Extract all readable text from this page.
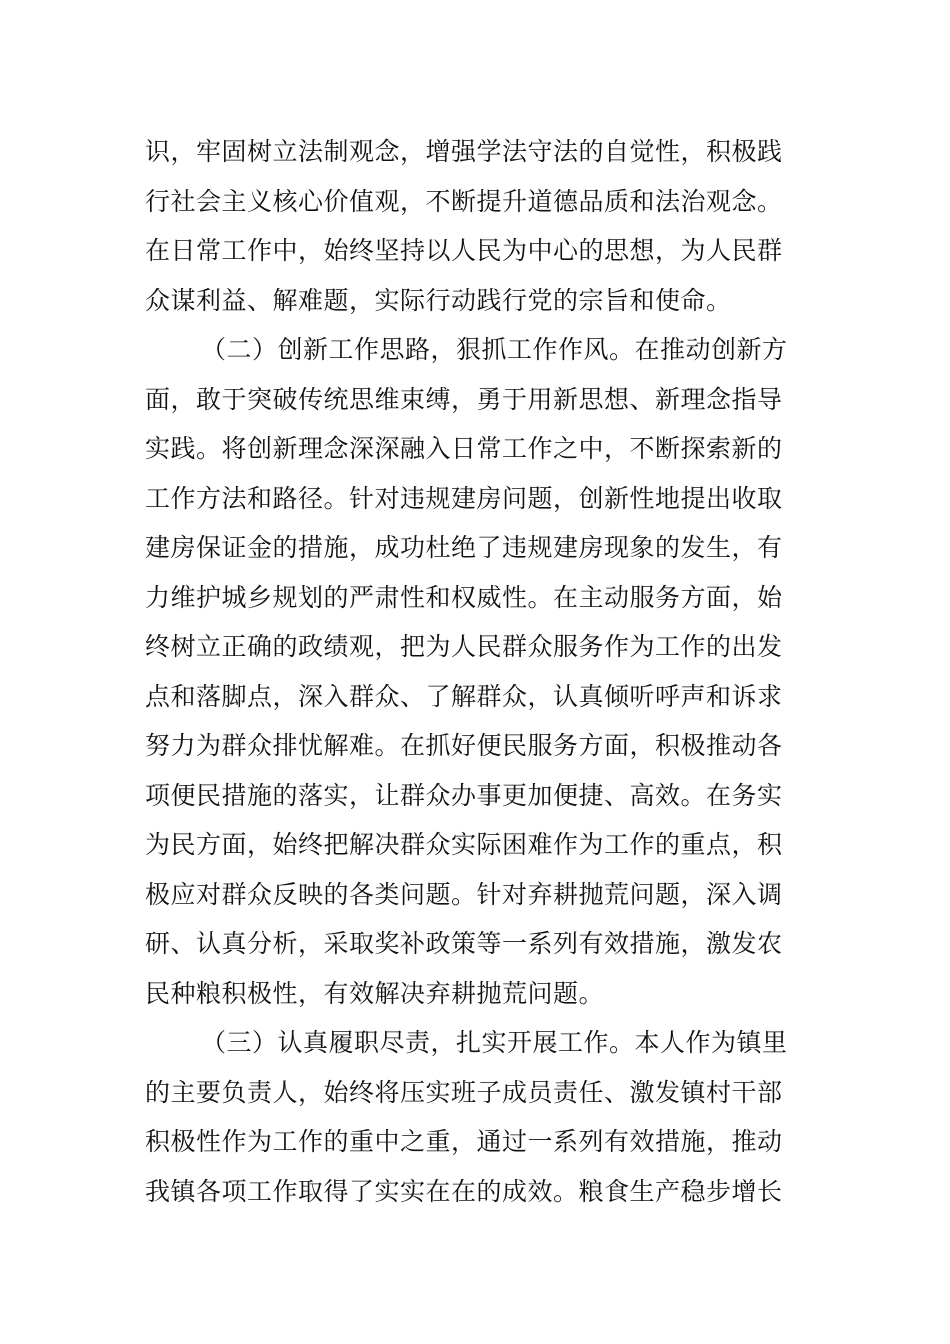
识，牢固树立法制观念，增强学法守法的自觉性，积极践
行社会主义核心价值观，不断提升道德品质和法治观念。
在日常工作中，始终坚持以人民为中心的思想，为人民群
众谋利益、解难题，实际行动践行党的宗旨和使命。
（二）创新工作思路，狠抓工作作风。在推动创新方
面，敢于突破传统思维束缚，勇于用新思想、新理念指导
实践。将创新理念深深融入日常工作之中，不断探索新的
工作方法和路径。针对违规建房问题，创新性地提出收取
建房保证金的措施，成功杜绝了违规建房现象的发生，有
力维护城乡规划的严肃性和权威性。在主动服务方面，始
终树立正确的政绩观，把为人民群众服务作为工作的出发
点和落脚点，深入群众、了解群众，认真倾听呼声和诉求
努力为群众排忧解难。在抓好便民服务方面，积极推动各
项便民措施的落实，让群众办事更加便捷、高效。在务实
为民方面，始终把解决群众实际困难作为工作的重点，积
极应对群众反映的各类问题。针对弃耕抛荒问题，深入调
研、认真分析，采取奖补政策等一系列有效措施，激发农
民种粮积极性，有效解决弃耕抛荒问题。
（三）认真履职尽责，扎实开展工作。本人作为镇里
的主要负责人，始终将压实班子成员责任、激发镇村干部
积极性作为工作的重中之重，通过一系列有效措施，推动
我镇各项工作取得了实实在在的成效。粮食生产稳步增长
